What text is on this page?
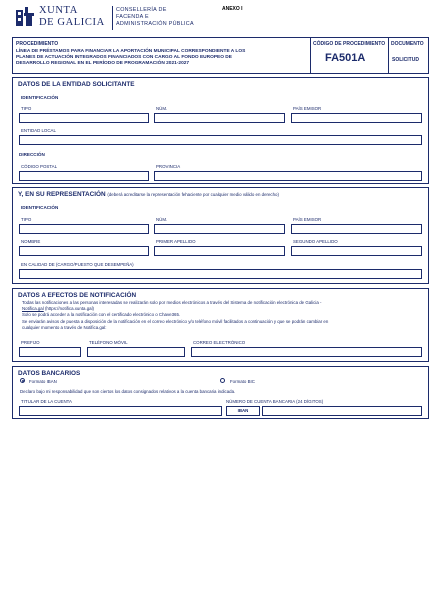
XUNTA
DE GALICIA
CONSELLERÍA DE
FACENDA E
ADMINISTRACIÓN PÚBLICA
ANEXO I
PROCEDIMIENTO
LÍNEA DE PRÉSTAMOS PARA FINANCIAR LA APORTACIÓN MUNICIPAL CORRESPONDIENTE A LOS
PLANES DE ACTUACIÓN INTEGRADOS FINANCIADOS CON CARGO AL FONDO EUROPEO DE
DESARROLLO REGIONAL EN EL PERÍODO DE PROGRAMACIÓN 2021-2027
CÓDIGO DE PROCEDIMIENTO
FA501A
DOCUMENTO
SOLICITUD
DATOS DE LA ENTIDAD SOLICITANTE
IDENTIFICACIÓN
TIPO	NÚM.	PAÍS EMISOR
ENTIDAD LOCAL
DIRECCIÓN
CÓDIGO POSTAL	PROVINCIA
Y, EN SU REPRESENTACIÓN (deberá acreditarse la representación fehaciente por cualquier medio válido en derecho)
IDENTIFICACIÓN
TIPO	NÚM.	PAÍS EMISOR
NOMBRE	PRIMER APELLIDO	SEGUNDO APELLIDO
EN CALIDAD DE (CARGO/PUESTO QUE DESEMPEÑA)
DATOS A EFECTOS DE NOTIFICACIÓN
Todas las notificaciones a las personas interesadas se realizarán solo por medios electrónicos a través del Sistema de notificación electrónica de Galicia -
Notifica.gal (https://notifica.xunta.gal)
Solo se podrá acceder a la notificación con el certificado electrónico o Chave365.
Se enviarán avisos de puesta a disposición de la notificación en el correo electrónico y/o teléfono móvil facilitados a continuación y que se podrán cambiar en
cualquier momento a través de Notifica.gal:
PREFIJO	TELÉFONO MÓVIL	CORREO ELECTRÓNICO
DATOS BANCARIOS
Formato IBAN	Formato BIC
Declaro bajo mi responsabilidad que son ciertos los datos consignados relativos a la cuenta bancaria indicada.
TITULAR DE LA CUENTA	NÚMERO DE CUENTA BANCARIA (24 DÍGITOS)
IBAN
